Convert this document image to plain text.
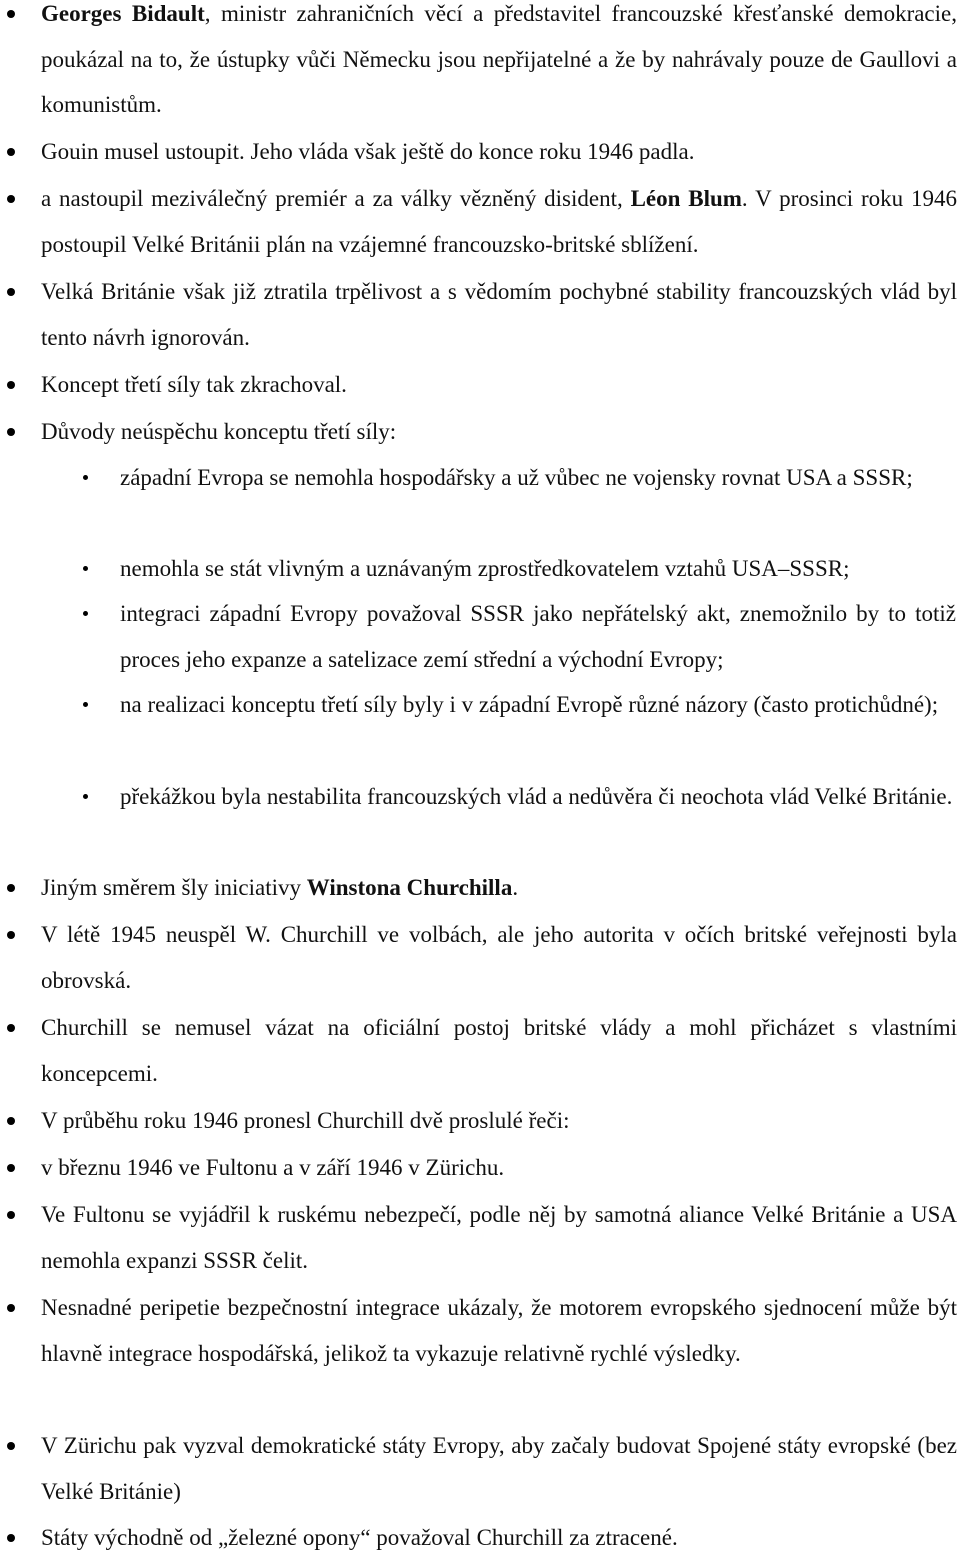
Georges Bidault, ministr zahraničních věcí a představitel francouzské křesťanské demokracie, poukázal na to, že ústupky vůči Německu jsou nepřijatelné a že by nahrávaly pouze de Gaullovi a komunistům.
Gouin musel ustoupit. Jeho vláda však ještě do konce roku 1946 padla.
a nastoupil meziválečný premiér a za války vězněný disident, Léon Blum. V prosinci roku 1946 postoupil Velké Británii plán na vzájemné francouzsko-britské sblížení.
Velká Británie však již ztratila trpělivost a s vědomím pochybné stability francouzských vlád byl tento návrh ignorován.
Koncept třetí síly tak zkrachoval.
Důvody neúspěchu konceptu třetí síly:
západní Evropa se nemohla hospodářsky a už vůbec ne vojensky rovnat USA a SSSR;
nemohla se stát vlivným a uznávaným zprostředkovatelem vztahů USA–SSSR;
integraci západní Evropy považoval SSSR jako nepřátelský akt, znemožnilo by to totiž proces jeho expanze a satelizace zemí střední a východní Evropy;
na realizaci konceptu třetí síly byly i v západní Evropě různé názory (často protichůdné);
překážkou byla nestabilita francouzských vlád a nedůvěra či neochota vlád Velké Británie.
Jiným směrem šly iniciativy Winstona Churchilla.
V létě 1945 neuspěl W. Churchill ve volbách, ale jeho autorita v očích britské veřejnosti byla obrovská.
Churchill se nemusel vázat na oficiální postoj britské vlády a mohl přicházet s vlastními koncepcemi.
V průběhu roku 1946 pronesl Churchill dvě proslulé řeči:
v březnu 1946 ve Fultonu a v září 1946 v Zürichu.
Ve Fultonu se vyjádřil k ruskému nebezpečí, podle něj by samotná aliance Velké Británie a USA nemohla expanzi SSSR čelit.
Nesnadné peripetie bezpečnostní integrace ukázaly, že motorem evropského sjednocení může být hlavně integrace hospodářská, jelikož ta vykazuje relativně rychlé výsledky.
V Zürichu pak vyzval demokratické státy Evropy, aby začaly budovat Spojené státy evropské (bez Velké Británie)
Státy východně od „železné opony“ považoval Churchill za ztracené.
